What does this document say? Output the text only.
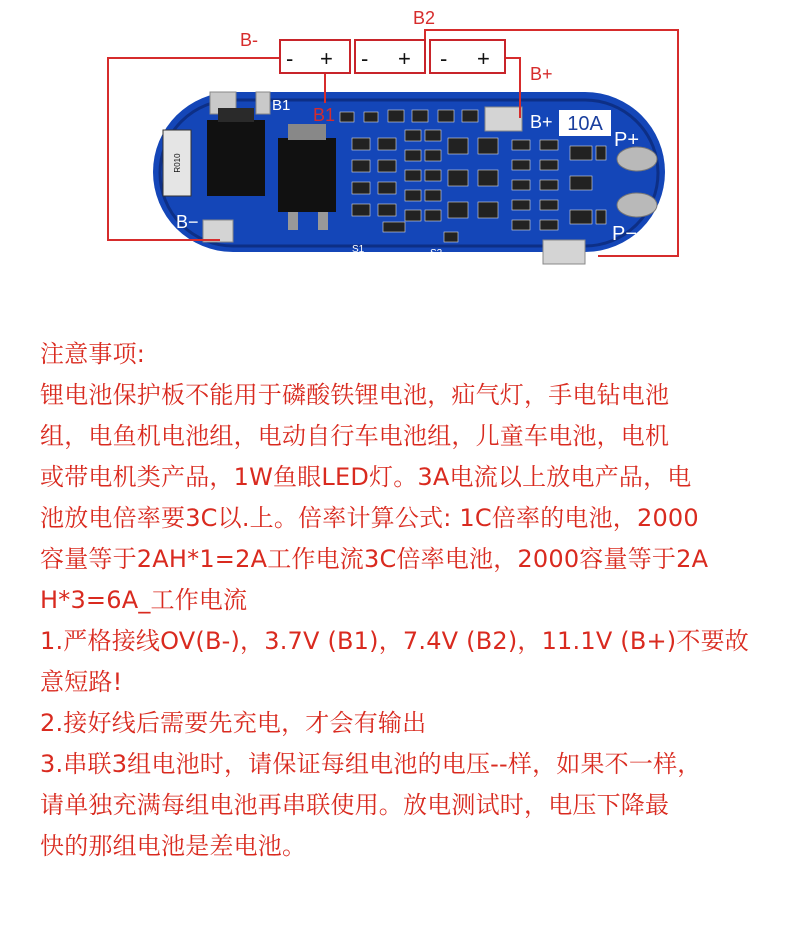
R010
B1
B+ 10A
P+
P−
B−
S1	S2	P2
- + - + - +
B-
B2
B+
B1

注意事项:

锂电池保护板不能用于磷酸铁锂电池，疝气灯，手电钻电池

组，电鱼机电池组，电动自行车电池组，儿童车电池，电机

或带电机类产品，1W鱼眼LED灯。3A电流以上放电产品，电

池放电倍率要3C以.上。倍率计算公式: 1C倍率的电池，2000

容量等于2AH*1=2A工作电流3C倍率电池，2000容量等于2A

H*3=6A_工作电流

1.严格接线OV(B-)，3.7V (B1)，7.4V (B2)，11.1V (B+)不要故

意短路!

2.接好线后需要先充电，才会有输出

3.串联3组电池时，请保证每组电池的电压--样，如果不一样，

请单独充满每组电池再串联使用。放电测试时，电压下降最

快的那组电池是差电池。
